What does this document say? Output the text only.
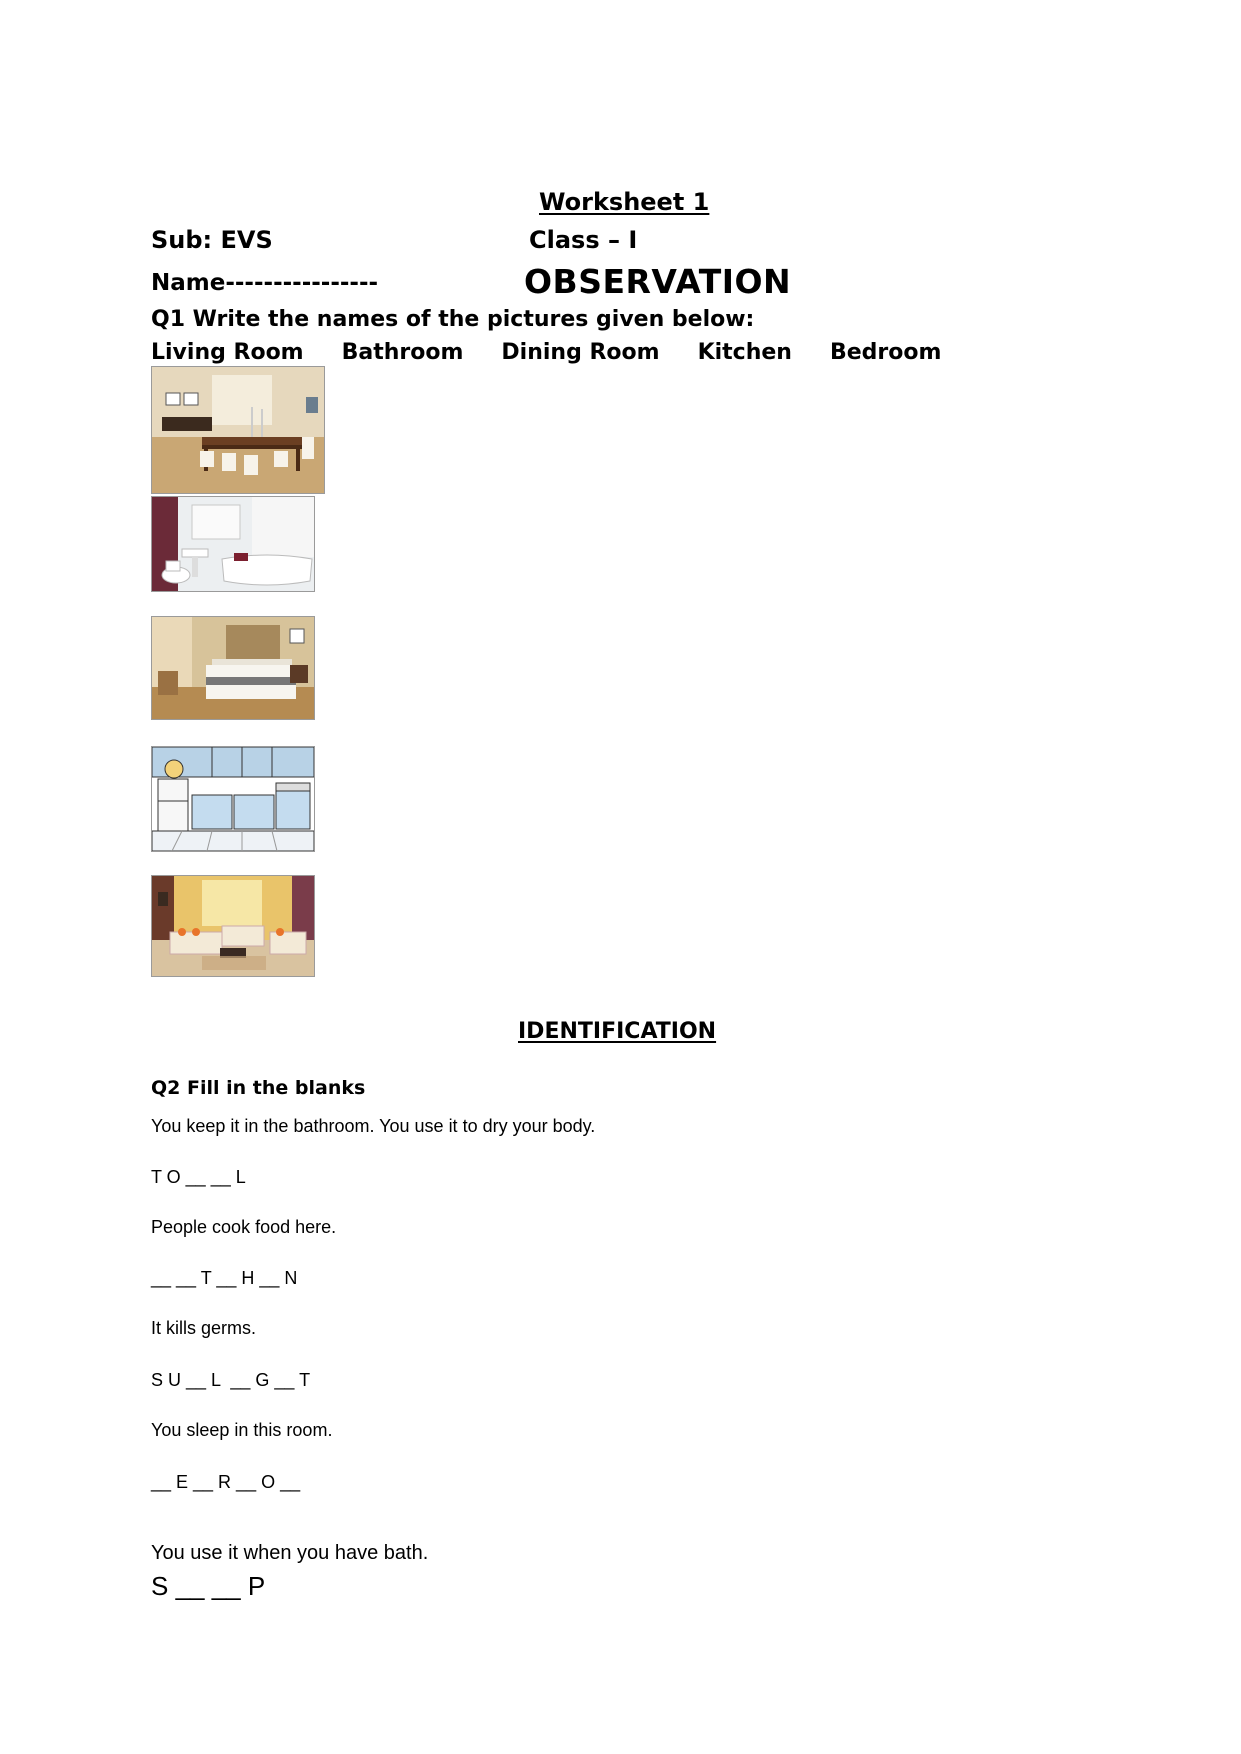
Worksheet 1
Sub: EVS	Class – I
Name----------------	OBSERVATION
Q1 Write the names of the pictures given below:
Living Room Bathroom Dining Room Kitchen Bedroom
IDENTIFICATION
Q2 Fill in the blanks
You keep it in the bathroom. You use it to dry your body.
T O __ __ L
People cook food here.
__ __ T __ H __ N
It kills germs.
S U __ L  __ G __ T
You sleep in this room.
__ E __ R __ O __
You use it when you have bath.
S __ __ P
